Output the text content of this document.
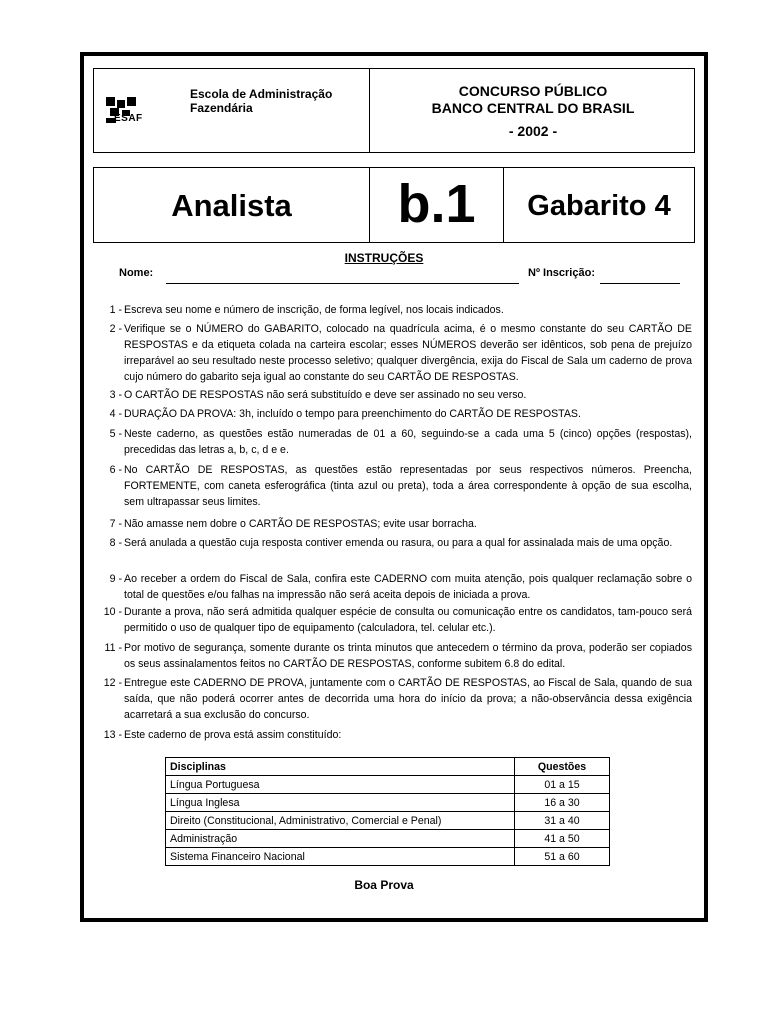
ESAF
Escola de Administração
Fazendária
CONCURSO PÚBLICO
BANCO CENTRAL DO BRASIL
- 2002 -
Analista	b.1	Gabarito 4
INSTRUÇÕES
Nome:	Nº Inscrição:
1 - Escreva seu nome e número de inscrição, de forma legível, nos locais indicados.
2 - Verifique se o NÚMERO do GABARITO, colocado na quadrícula acima, é o mesmo constante do seu CARTÃO DE RESPOSTAS e da etiqueta colada na carteira escolar; esses NÚMEROS deverão ser idênticos, sob pena de prejuízo irreparável ao seu resultado neste processo seletivo; qualquer divergência, exija do Fiscal de Sala um caderno de prova cujo número do gabarito seja igual ao constante do seu CARTÃO DE RESPOSTAS.
3 - O CARTÃO DE RESPOSTAS não será substituído e deve ser assinado no seu verso.
4 - DURAÇÃO DA PROVA: 3h, incluído o tempo para preenchimento do CARTÃO DE RESPOSTAS.
5 - Neste caderno, as questões estão numeradas de 01 a 60, seguindo-se a cada uma 5 (cinco) opções (respostas), precedidas das letras a, b, c, d e e.
6 - No CARTÃO DE RESPOSTAS, as questões estão representadas por seus respectivos números. Preencha, FORTEMENTE, com caneta esferográfica (tinta azul ou preta), toda a área correspondente à opção de sua escolha, sem ultrapassar seus limites.
7 - Não amasse nem dobre o CARTÃO DE RESPOSTAS; evite usar borracha.
8 - Será anulada a questão cuja resposta contiver emenda ou rasura, ou para a qual for assinalada mais de uma opção.
9 - Ao receber a ordem do Fiscal de Sala, confira este CADERNO com muita atenção, pois qualquer reclamação sobre o total de questões e/ou falhas na impressão não será aceita depois de iniciada a prova.
10 - Durante a prova, não será admitida qualquer espécie de consulta ou comunicação entre os candidatos, tam-pouco será permitido o uso de qualquer tipo de equipamento (calculadora, tel. celular etc.).
11 - Por motivo de segurança, somente durante os trinta minutos que antecedem o término da prova, poderão ser copiados os seus assinalamentos feitos no CARTÃO DE RESPOSTAS, conforme subitem 6.8 do edital.
12 - Entregue este CADERNO DE PROVA, juntamente com o CARTÃO DE RESPOSTAS, ao Fiscal de Sala, quando de sua saída, que não poderá ocorrer antes de decorrida uma hora do início da prova; a não-observância dessa exigência acarretará a sua exclusão do concurso.
13 - Este caderno de prova está assim constituído:
Disciplinas	Questões
Língua Portuguesa	01 a 15
Língua Inglesa	16 a 30
Direito (Constitucional, Administrativo, Comercial e Penal)	31 a 40
Administração	41 a 50
Sistema Financeiro Nacional	51 a 60
Boa Prova
